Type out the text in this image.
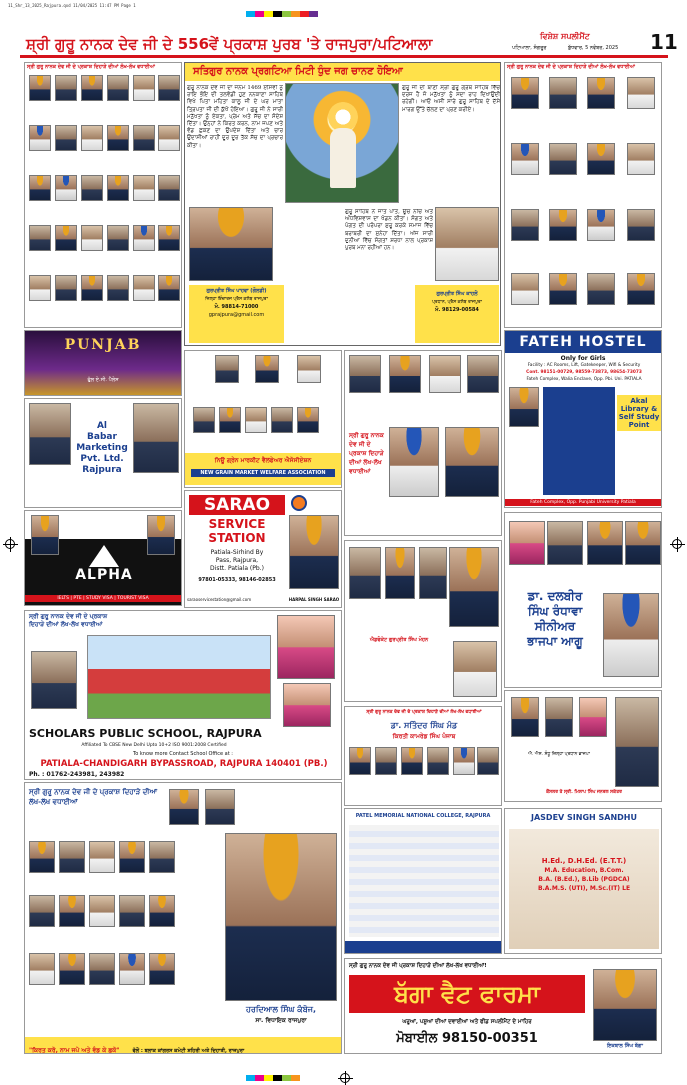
11_Shr_13_2025_Rajpura.qxd 11/04/2025 11:47 PM Page 1
ਸ਼੍ਰੀ ਗੁਰੂ ਨਾਨਕ ਦੇਵ ਜੀ ਦੇ 556ਵੇਂ ਪ੍ਰਕਾਸ਼ ਪੁਰਬ 'ਤੇ ਰਾਜਪੁਰਾ/ਪਟਿਆਲਾ	ਵਿਸ਼ੇਸ਼ ਸਪਲੀਮੈਂਟ
ਪਟਿਆਲਾ, ਸੰਗਰੂਰ	ਬੁੱਧਵਾਰ, 5 ਨਵੰਬਰ, 2025 11
ਸ੍ਰੀ ਗੁਰੂ ਨਾਨਕ ਦੇਵ ਜੀ ਦੇ ਪ੍ਰਕਾਸ਼ ਦਿਹਾੜੇ ਦੀਆਂ ਲੱਖ-ਲੱਖ ਵਧਾਈਆਂ	ਸਤਿਗੁਰ ਨਾਨਕ ਪ੍ਰਗਟਿਆ ਮਿਟੀ ਧੁੰਦ ਜਗ ਚਾਨਣ ਹੋਇਆ
ਗੁਰੂ ਨਾਨਕ ਦੇਵ ਜੀ ਦਾ ਜਨਮ 1469 ਈਸਵੀ ਨੂੰ ਰਾਇ ਭੋਇ ਦੀ ਤਲਵੰਡੀ ਹੁਣ ਨਨਕਾਣਾ ਸਾਹਿਬ ਵਿਖੇ ਪਿਤਾ ਮਹਿਤਾ ਕਾਲੂ ਜੀ ਦੇ ਘਰ ਮਾਤਾ ਤ੍ਰਿਪਤਾ ਜੀ ਦੀ ਕੁੱਖੋਂ ਹੋਇਆ। ਗੁਰੂ ਜੀ ਨੇ ਸਾਰੀ ਮਨੁੱਖਤਾ ਨੂੰ ਏਕਤਾ, ਪ੍ਰੇਮ ਅਤੇ ਸੱਚ ਦਾ ਸੰਦੇਸ਼ ਦਿੱਤਾ। ਉਨ੍ਹਾਂ ਨੇ ਕਿਰਤ ਕਰਨ, ਨਾਮ ਜਪਣ ਅਤੇ ਵੰਡ ਛਕਣ ਦਾ ਉਪਦੇਸ਼ ਦਿੱਤਾ ਅਤੇ ਚਾਰ ਉਦਾਸੀਆਂ ਰਾਹੀਂ ਦੂਰ ਦੂਰ ਤੱਕ ਸੱਚ ਦਾ ਪ੍ਰਚਾਰ ਕੀਤਾ।
ਗੁਰੂ ਜੀ ਦੀ ਬਾਣੀ ਸ੍ਰੀ ਗੁਰੂ ਗ੍ਰੰਥ ਸਾਹਿਬ ਵਿੱਚ ਦਰਜ ਹੈ ਜੋ ਮਨੁੱਖਤਾ ਨੂੰ ਸਦਾ ਰਾਹ ਦਿਖਾਉਂਦੀ ਰਹੇਗੀ। ਆਓ ਅਸੀਂ ਸਾਰੇ ਗੁਰੂ ਸਾਹਿਬ ਦੇ ਦੱਸੇ ਮਾਰਗ ਉੱਤੇ ਚੱਲਣ ਦਾ ਪ੍ਰਣ ਕਰੀਏ।
ਗੁਰੂ ਸਾਹਿਬ ਨੇ ਜਾਤ ਪਾਤ, ਊਚ ਨੀਚ ਅਤੇ ਅੰਧਵਿਸ਼ਵਾਸ ਦਾ ਖੰਡਨ ਕੀਤਾ। ਸੰਗਤ ਅਤੇ ਪੰਗਤ ਦੀ ਪਰੰਪਰਾ ਸ਼ੁਰੂ ਕਰਕੇ ਸਮਾਜ ਵਿੱਚ ਬਰਾਬਰੀ ਦਾ ਸੁਨੇਹਾ ਦਿੱਤਾ। ਅੱਜ ਸਾਰੀ ਦੁਨੀਆ ਵਿੱਚ ਸੰਗਤਾਂ ਸ਼ਰਧਾ ਨਾਲ ਪ੍ਰਕਾਸ਼ ਪੁਰਬ ਮਨਾ ਰਹੀਆਂ ਹਨ।
ਗੁਰਪ੍ਰੀਤ ਸਿੰਘ ਪਾਹਵਾ (ਗੋਲਡੀ)
ਜਿਲ੍ਹਾ ਇੰਚਾਰਜ ਪ੍ਰੈਸ ਕਲੱਬ ਰਾਜਪੁਰਾ
ਮੋ. 98814-71000
gprajpura@gmail.com
ਗੁਰਪ੍ਰੀਤ ਸਿੰਘ ਕਾਹਲੋਂ
ਪ੍ਰਧਾਨ, ਪ੍ਰੈਸ ਕਲੱਬ ਰਾਜਪੁਰਾ
ਮੋ. 98129-00584
ਸ੍ਰੀ ਗੁਰੂ ਨਾਨਕ ਦੇਵ ਜੀ ਦੇ ਪ੍ਰਕਾਸ਼ ਦਿਹਾੜੇ ਦੀਆਂ ਲੱਖ-ਲੱਖ ਵਧਾਈਆਂ
PUNJAB
ਫੁੱਲ ਏ.ਸੀ. ਪੈਲੇਸ
ਨਿਊ ਗ੍ਰੇਨ ਮਾਰਕੀਟ ਵੈਲਫੇਅਰ ਐਸੋਸੀਏਸ਼ਨ
NEW GRAIN MARKET WELFARE ASSOCIATION
Al
Babar
Marketing
Pvt. Ltd.
Rajpura
ALPHA
IELTS | PTE | STUDY VISA | TOURIST VISA
SARAO
SERVICE
STATION
Patiala-Sirhind By
Pass, Rajpura,
Distt. Patiala (Pb.)
97801-05333, 98146-02853
saraoservicestation@gmail.com	HARPAL SINGH SARAO
ਸ੍ਰੀ ਗੁਰੂ ਨਾਨਕ ਦੇਵ ਜੀ ਦੇ ਪ੍ਰਕਾਸ਼ ਦਿਹਾੜੇ ਦੀਆਂ ਲੱਖ-ਲੱਖ ਵਧਾਈਆਂ
FATEH HOSTEL
Only for Girls
Facility : AC Rooms, Lift, Gatekeeper, Wifi & Security
Cont. 98151-00729, 98559-73873, 98654-73073
Fateh Complex, Walia Enclave, Opp. Pbi. Uni. PATIALA
Akal Library & Self Study Point
Fateh Complex, Opp. Punjabi University Patiala
ਡਾ. ਦਲਬੀਰ
ਸਿੰਘ ਰੰਧਾਵਾ
ਸੀਨੀਅਰ
ਭਾਜਪਾ ਆਗੂ
ਐਡਵੋਕੇਟ ਗੁਰਪ੍ਰੀਤ ਸਿੰਘ ਮੋਹਨ
ਸ੍ਰੀ ਗੁਰੂ ਨਾਨਕ ਦੇਵ ਜੀ ਦੇ ਪ੍ਰਕਾਸ਼ ਦਿਹਾੜੇ ਦੀਆਂ ਲੱਖ-ਲੱਖ ਵਧਾਈਆਂ
SCHOLARS PUBLIC SCHOOL, RAJPURA
Affiliated To CBSE New Delhi Upto 10+2 ISO 9001:2008 Certified
To know more Contact School Office at :
PATIALA-CHANDIGARH BYPASSROAD, RAJPURA 140401 (PB.)
Ph. : 01762-243981, 243982
ਕੌਂਸਲਰ ਤੇ ਸ੍ਰੀ. ਮਿਲਾਪ ਸਿੰਘ ਜਨਰਲ ਸਕੱਤਰ
ਐ. ਐਸ. ਸੰਧੂ ਜ਼ਿਲ੍ਹਾ ਪ੍ਰਧਾਨ ਭਾਜਪਾ
ਸ੍ਰੀ ਗੁਰੂ ਨਾਨਕ ਦੇਵ ਜੀ ਦੇ ਪ੍ਰਕਾਸ਼ ਦਿਹਾੜੇ ਦੀਆਂ ਲੱਖ-ਲੱਖ ਵਧਾਈਆਂ
ਡਾ. ਸਤਿੰਦਰ ਸਿੰਘ ਮੰਡ
ਕਿਰਤੀ ਕਾਮਰੇਡ ਸਿੰਘ ਪੰਜਾਬ
ਸ੍ਰੀ ਗੁਰੂ ਨਾਨਕ ਦੇਵ ਜੀ ਦੇ ਪ੍ਰਕਾਸ਼ ਦਿਹਾੜੇ ਦੀਆਂ ਲੱਖ-ਲੱਖ ਵਧਾਈਆਂ
ਹਰਦਿਆਲ ਸਿੰਘ ਕੰਬੋਜ,
ਸਾ. ਵਿਧਾਇਕ ਰਾਜਪੁਰਾ
"ਕਿਰਤ ਕਰੋ, ਨਾਮ ਜਪੋ ਅਤੇ ਵੰਡ ਕੇ ਛਕੋ"	ਵੱਲੋਂ : ਬਲਾਕ ਕਾਂਗਰਸ ਕਮੇਟੀ ਸ਼ਹਿਰੀ ਅਤੇ ਦਿਹਾਤੀ, ਰਾਜਪੁਰਾ
PATEL MEMORIAL NATIONAL COLLEGE, RAJPURA	JASDEV SINGH SANDHU
H.Ed., D.H.Ed. (E.T.T.)
M.A. Education, B.Com.
B.A. (B.Ed.), B.Lib (PGDCA)
B.A.M.S. (UTI), M.Sc.(IT) LE
ਸ੍ਰੀ ਗੁਰੂ ਨਾਨਕ ਦੇਵ ਜੀ ਪ੍ਰਕਾਸ਼ ਦਿਹਾੜੇ ਦੀਆਂ ਲੱਖ-ਲੱਖ ਵਧਾਈਆਂ!
ਬੱਗਾ ਵੈਟ ਫਾਰਮਾ
ਘਰੂਆਂ, ਪਸ਼ੂਆਂ ਦੀਆਂ ਦਵਾਈਆਂ ਅਤੇ ਫੀਡ ਸਪਲੀਮੈਂਟ ਦੇ ਮਾਹਿਰ
ਮੋਬਾਈਲ 98150-00351	ਇਕਬਾਲ ਸਿੰਘ ਬੱਗਾ
